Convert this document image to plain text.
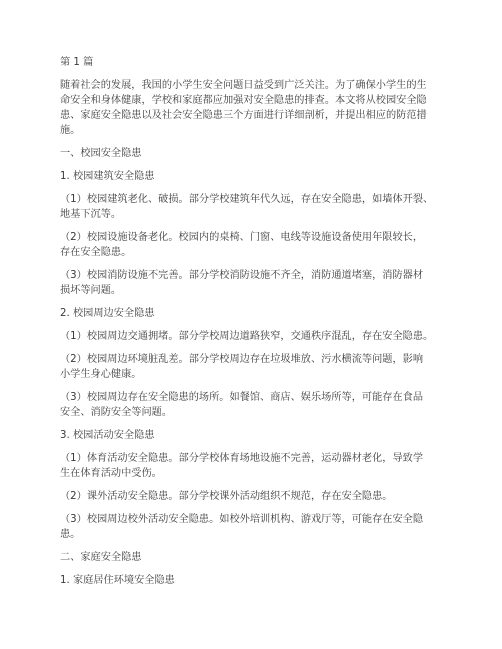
第 1 篇
随着社会的发展，我国的小学生安全问题日益受到广泛关注。为了确保小学生的生
命安全和身体健康，学校和家庭都应加强对安全隐患的排查。本文将从校园安全隐
患、家庭安全隐患以及社会安全隐患三个方面进行详细剖析，并提出相应的防范措
施。
一、校园安全隐患
1. 校园建筑安全隐患
（1）校园建筑老化、破损。部分学校建筑年代久远，存在安全隐患，如墙体开裂、
地基下沉等。
（2）校园设施设备老化。校园内的桌椅、门窗、电线等设施设备使用年限较长，
存在安全隐患。
（3）校园消防设施不完善。部分学校消防设施不齐全，消防通道堵塞，消防器材
损坏等问题。
2. 校园周边安全隐患
（1）校园周边交通拥堵。部分学校周边道路狭窄，交通秩序混乱，存在安全隐患。
（2）校园周边环境脏乱差。部分学校周边存在垃圾堆放、污水横流等问题，影响
小学生身心健康。
（3）校园周边存在安全隐患的场所。如餐馆、商店、娱乐场所等，可能存在食品
安全、消防安全等问题。
3. 校园活动安全隐患
（1）体育活动安全隐患。部分学校体育场地设施不完善，运动器材老化，导致学
生在体育活动中受伤。
（2）课外活动安全隐患。部分学校课外活动组织不规范，存在安全隐患。
（3）校园周边校外活动安全隐患。如校外培训机构、游戏厅等，可能存在安全隐
患。
二、家庭安全隐患
1. 家庭居住环境安全隐患
